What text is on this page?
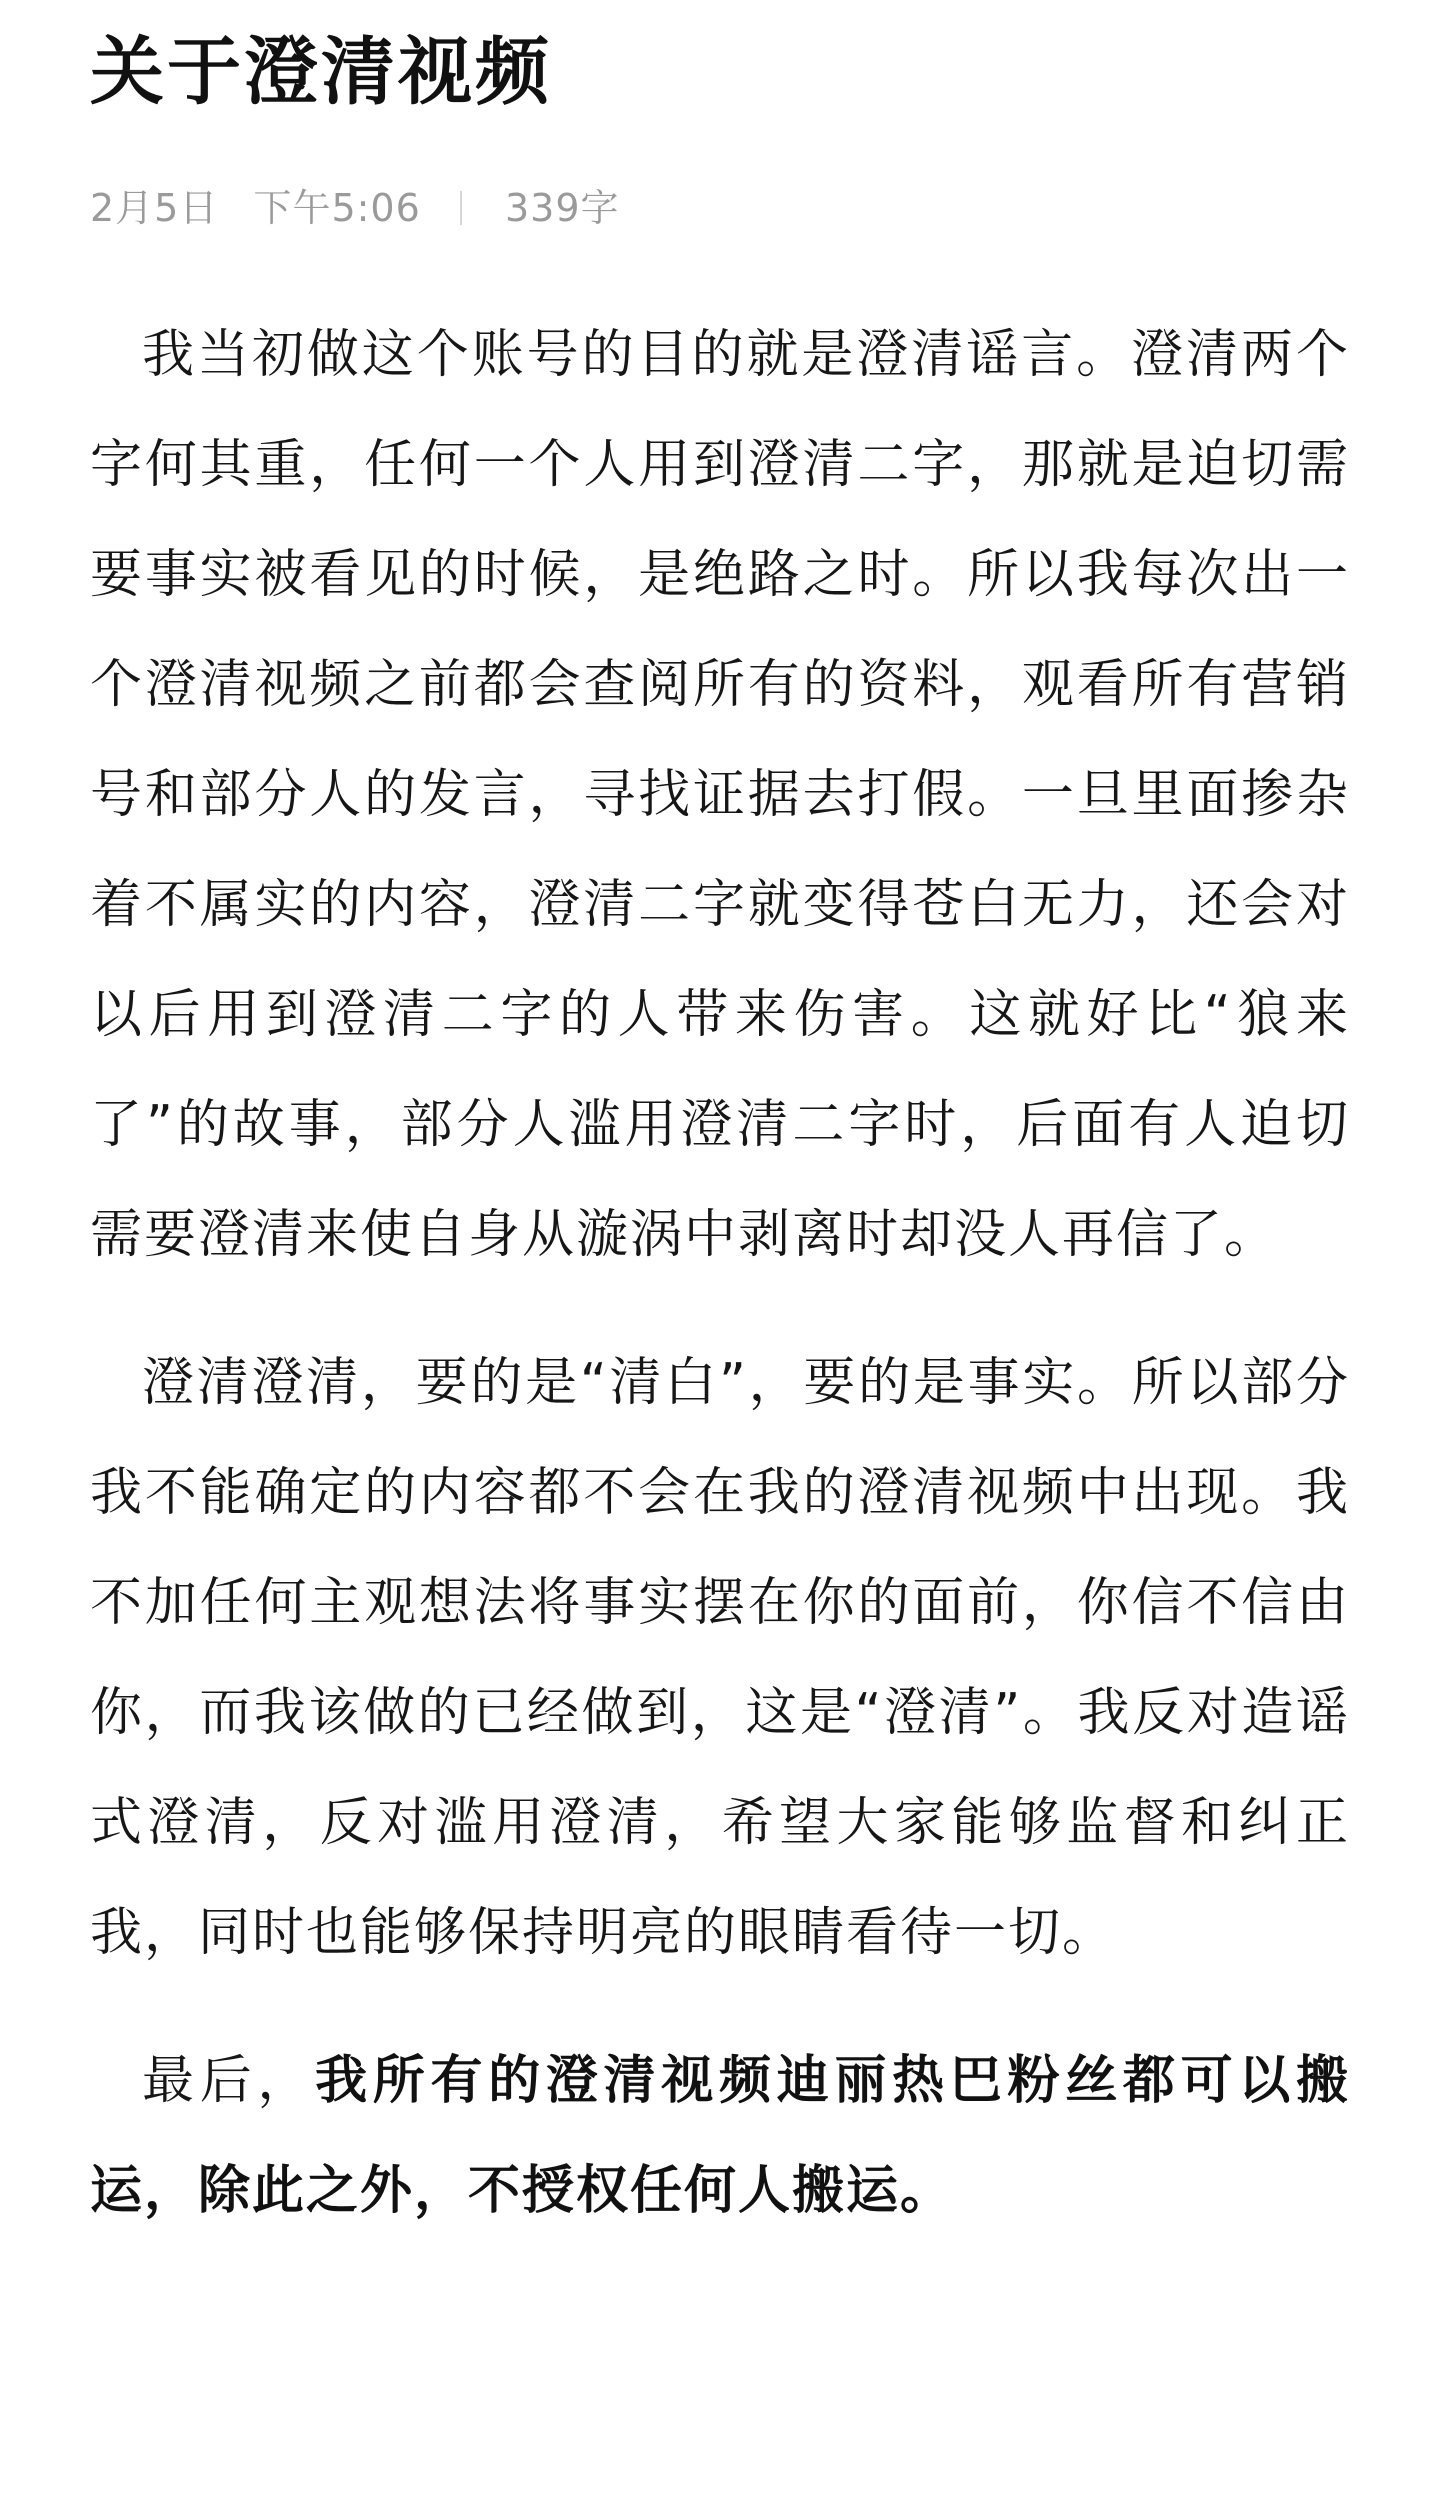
关于澄清视频
2月5日 下午5:06 339字

我当初做这个账号的目的就是澄清谣言。澄清两个字何其重，任何一个人用到澄清二字，那就是迫切需要事实被看见的时候，是绝路之时。所以我每次出一个澄清视频之前都会查阅所有的资料，观看所有营销号和部分人的发言，寻找证据去打假。一旦里面掺杂着不属实的内容，澄清二字就变得苍白无力，还会对以后用到澄清二字的人带来伤害。这就好比“狼来了”的故事，部分人滥用澄清二字时，后面有人迫切需要澄清来使自身从漩涡中剥离时却没人再信了。

澄清澄清，要的是“清白”，要的是事实。所以部分我不能确定的内容都不会在我的澄清视频中出现。我不加任何主观想法将事实摆在你的面前，你信不信由你，而我该做的已经做到，这是“澄清”。我反对造谣式澄清，反对滥用澄清，希望大家能够监督和纠正我，同时也能够保持明亮的眼睛看待一切。

最后，我所有的澄清视频迪丽热巴粉丝都可以搬运，除此之外，不授权任何人搬运。
